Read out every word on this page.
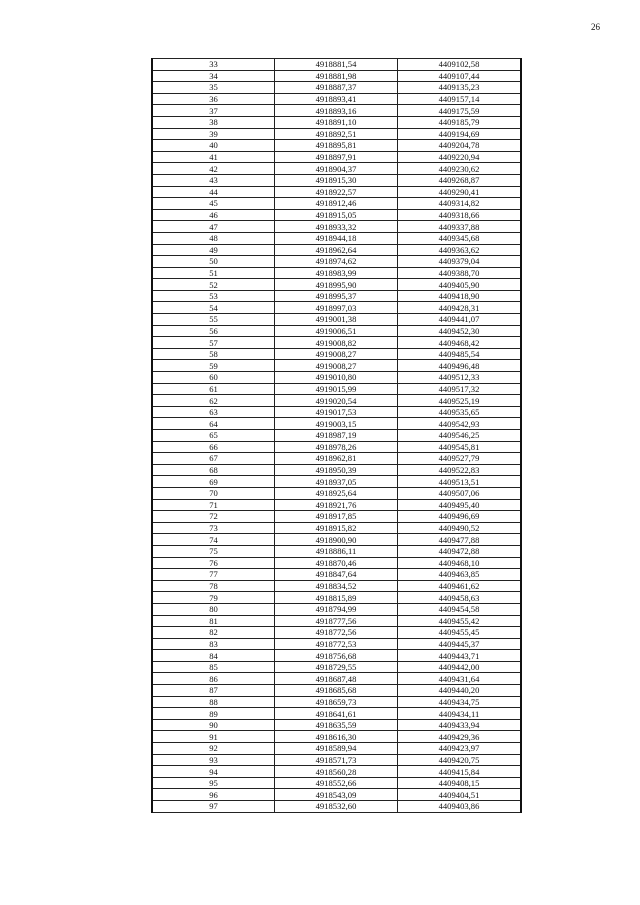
26
33	4918881,54	4409102,58
34	4918881,98	4409107,44
35	4918887,37	4409135,23
36	4918893,41	4409157,14
37	4918893,16	4409175,59
38	4918891,10	4409185,79
39	4918892,51	4409194,69
40	4918895,81	4409204,78
41	4918897,91	4409220,94
42	4918904,37	4409230,62
43	4918915,30	4409268,87
44	4918922,57	4409290,41
45	4918912,46	4409314,82
46	4918915,05	4409318,66
47	4918933,32	4409337,88
48	4918944,18	4409345,68
49	4918962,64	4409363,62
50	4918974,62	4409379,04
51	4918983,99	4409388,70
52	4918995,90	4409405,90
53	4918995,37	4409418,90
54	4918997,03	4409428,31
55	4919001,38	4409441,07
56	4919006,51	4409452,30
57	4919008,82	4409468,42
58	4919008,27	4409485,54
59	4919008,27	4409496,48
60	4919010,80	4409512,33
61	4919015,99	4409517,32
62	4919020,54	4409525,19
63	4919017,53	4409535,65
64	4919003,15	4409542,93
65	4918987,19	4409546,25
66	4918978,26	4409545,81
67	4918962,81	4409527,79
68	4918950,39	4409522,83
69	4918937,05	4409513,51
70	4918925,64	4409507,06
71	4918921,76	4409495,40
72	4918917,85	4409496,69
73	4918915,82	4409490,52
74	4918900,90	4409477,88
75	4918886,11	4409472,88
76	4918870,46	4409468,10
77	4918847,64	4409463,85
78	4918834,52	4409461,62
79	4918815,89	4409458,63
80	4918794,99	4409454,58
81	4918777,56	4409455,42
82	4918772,56	4409455,45
83	4918772,53	4409445,37
84	4918756,68	4409443,71
85	4918729,55	4409442,00
86	4918687,48	4409431,64
87	4918685,68	4409440,20
88	4918659,73	4409434,75
89	4918641,61	4409434,11
90	4918635,59	4409433,94
91	4918616,30	4409429,36
92	4918589,94	4409423,97
93	4918571,73	4409420,75
94	4918560,28	4409415,84
95	4918552,66	4409408,15
96	4918543,09	4409404,51
97	4918532,60	4409403,86
